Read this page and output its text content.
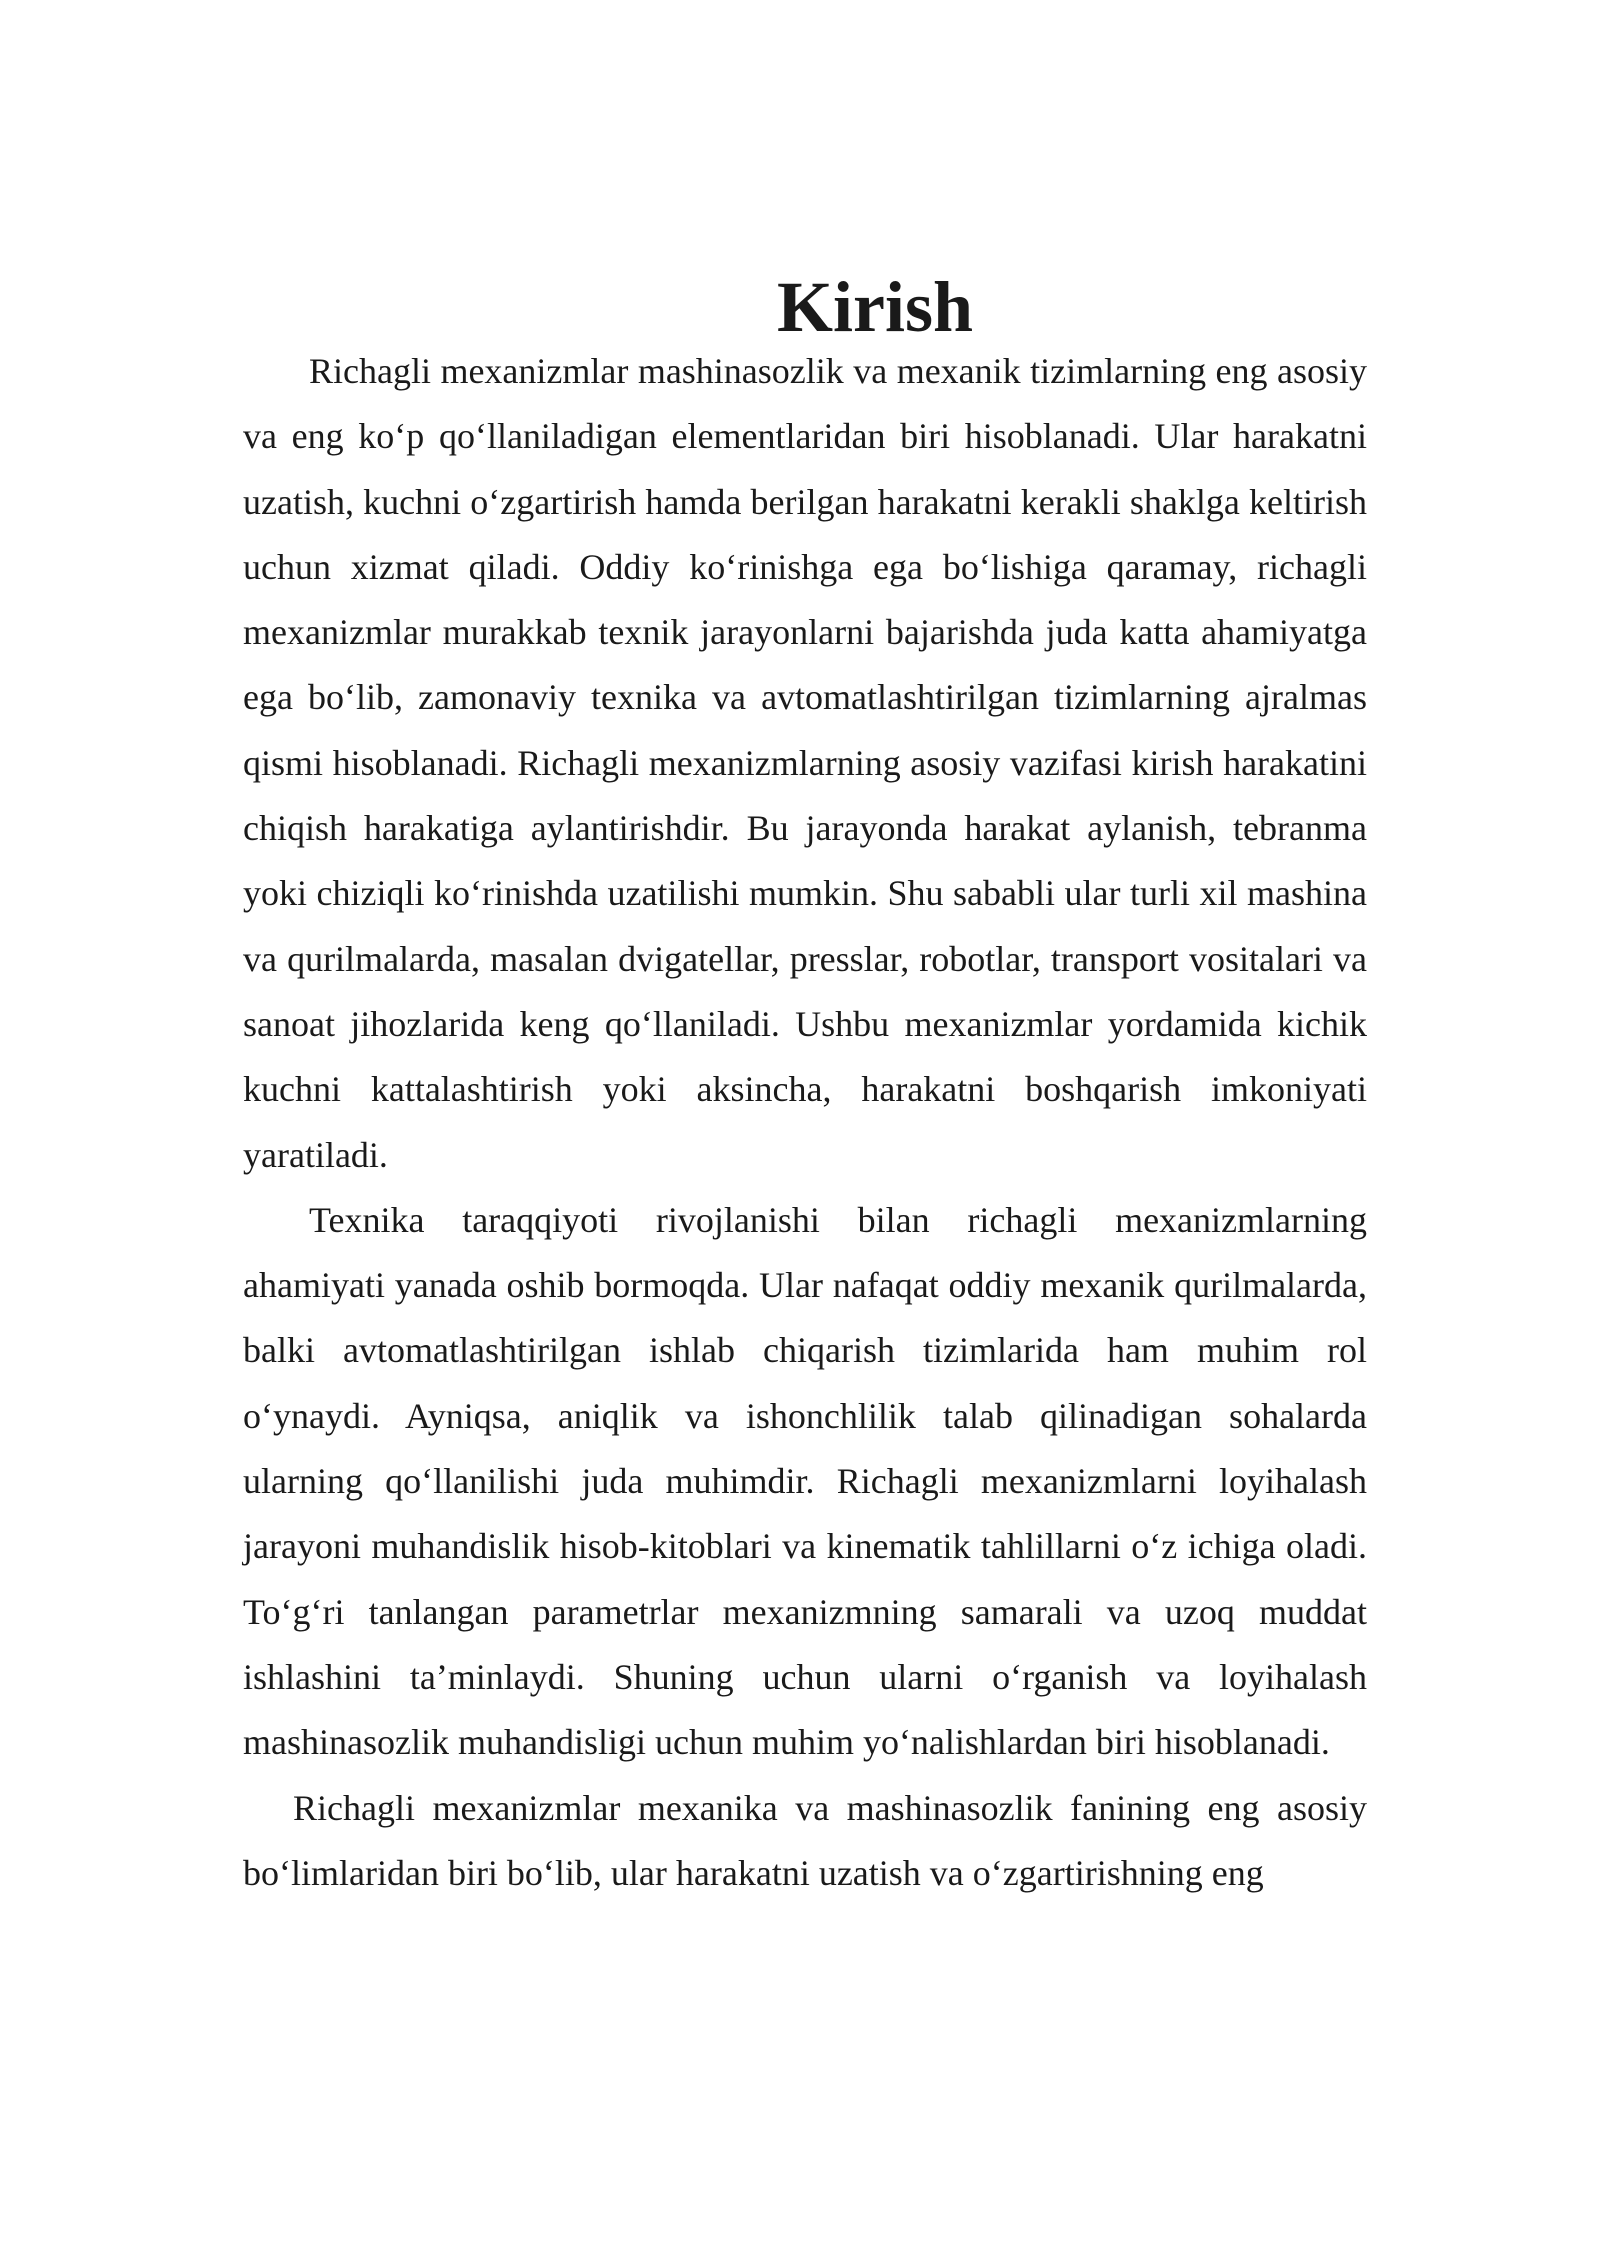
Kirish

Richagli mexanizmlar mashinasozlik va mexanik tizimlarning eng asosiy va eng ko‘p qo‘llaniladigan elementlaridan biri hisoblanadi. Ular harakatni uzatish, kuchni o‘zgartirish hamda berilgan harakatni kerakli shaklga keltirish uchun xizmat qiladi. Oddiy ko‘rinishga ega bo‘lishiga qaramay, richagli mexanizmlar murakkab texnik jarayonlarni bajarishda juda katta ahamiyatga ega bo‘lib, zamonaviy texnika va avtomatlashtirilgan tizimlarning ajralmas qismi hisoblanadi. Richagli mexanizmlarning asosiy vazifasi kirish harakatini chiqish harakatiga aylantirishdir. Bu jarayonda harakat aylanish, tebranma yoki chiziqli ko‘rinishda uzatilishi mumkin. Shu sababli ular turli xil mashina va qurilmalarda, masalan dvigatellar, presslar, robotlar, transport vositalari va sanoat jihozlarida keng qo‘llaniladi. Ushbu mexanizmlar yordamida kichik kuchni kattalashtirish yoki aksincha, harakatni boshqarish imkoniyati yaratiladi.

Texnika taraqqiyoti rivojlanishi bilan richagli mexanizmlarning ahamiyati yanada oshib bormoqda. Ular nafaqat oddiy mexanik qurilmalarda, balki avtomatlashtirilgan ishlab chiqarish tizimlarida ham muhim rol o‘ynaydi. Ayniqsa, aniqlik va ishonchlilik talab qilinadigan sohalarda ularning qo‘llanilishi juda muhimdir. Richagli mexanizmlarni loyihalash jarayoni muhandislik hisob-kitoblari va kinematik tahlillarni o‘z ichiga oladi. To‘g‘ri tanlangan parametrlar mexanizmning samarali va uzoq muddat ishlashini ta’minlaydi. Shuning uchun ularni o‘rganish va loyihalash mashinasozlik muhandisligi uchun muhim yo‘nalishlardan biri hisoblanadi.

Richagli mexanizmlar mexanika va mashinasozlik fanining eng asosiy bo‘limlaridan biri bo‘lib, ular harakatni uzatish va o‘zgartirishning eng
